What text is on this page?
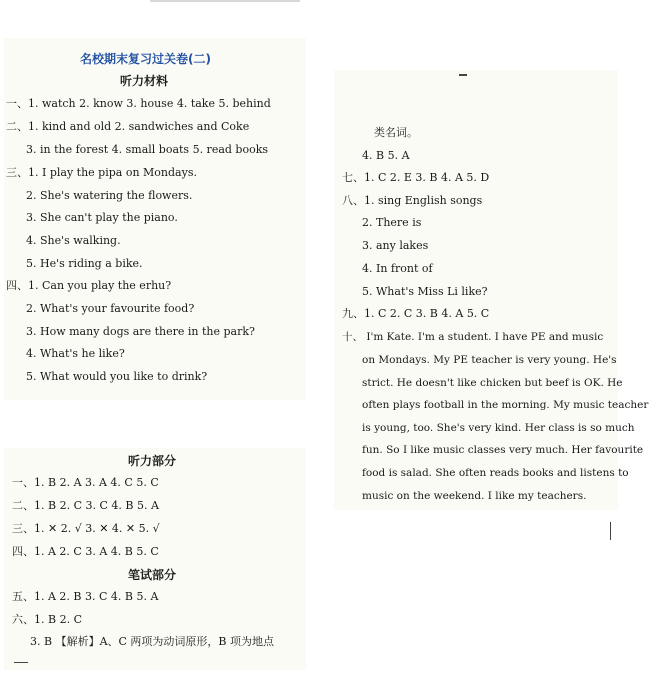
名校期末复习过关卷(二)
听力材料
一、1. watch 2. know 3. house 4. take 5. behind
二、1. kind and old 2. sandwiches and Coke
3. in the forest 4. small boats 5. read books
三、1. I play the pipa on Mondays.
2. She's watering the flowers.
3. She can't play the piano.
4. She's walking.
5. He's riding a bike.
四、1. Can you play the erhu?
2. What's your favourite food?
3. How many dogs are there in the park?
4. What's he like?
5. What would you like to drink?
听力部分
一、1. B 2. A 3. A 4. C 5. C
二、1. B 2. C 3. C 4. B 5. A
三、1. ✕ 2. √ 3. ✕ 4. ✕ 5. √
四、1. A 2. C 3. A 4. B 5. C
笔试部分
五、1. A 2. B 3. C 4. B 5. A
六、1. B 2. C
3. B 【解析】A、C 两项为动词原形，B 项为地点
类名词。
4. B 5. A
七、1. C 2. E 3. B 4. A 5. D
八、1. sing English songs
2. There is
3. any lakes
4. In front of
5. What's Miss Li like?
九、1. C 2. C 3. B 4. A 5. C
十、 I'm Kate. I'm a student. I have PE and music
on Mondays. My PE teacher is very young. He's
strict. He doesn't like chicken but beef is OK. He
often plays football in the morning. My music teacher
is young, too. She's very kind. Her class is so much
fun. So I like music classes very much. Her favourite
food is salad. She often reads books and listens to
music on the weekend. I like my teachers.
